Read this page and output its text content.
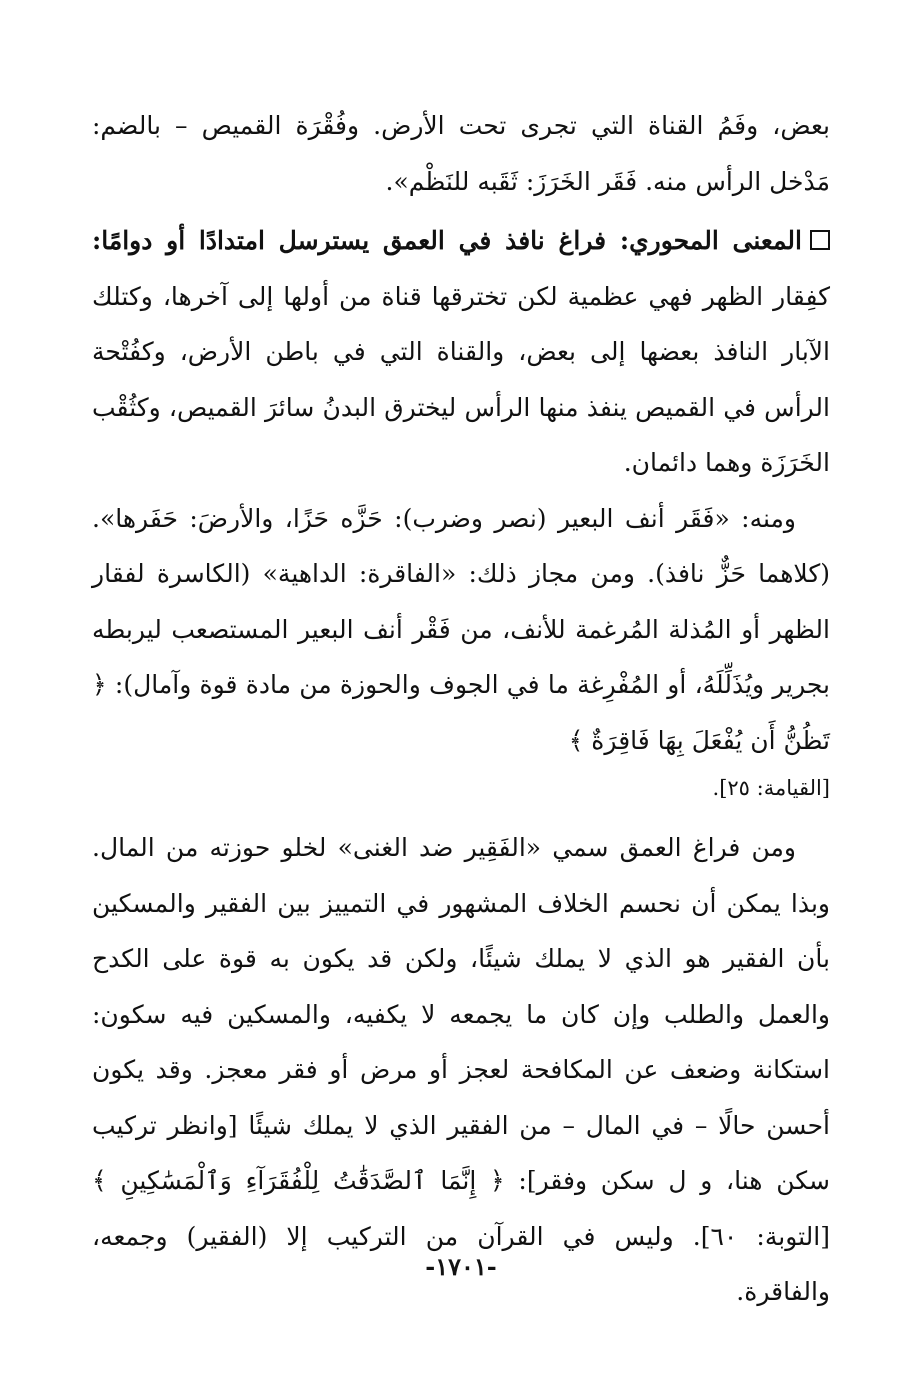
بعض، وفَمُ القناة التي تجرى تحت الأرض. وفُقْرَة القميص – بالضم: مَدْخل الرأس منه. فَقَر الخَرَزَ: ثَقَبه للنَظْم».

المعنى المحوري: فراغ نافذ في العمق يسترسل امتدادًا أو دوامًا: كفِقار الظهر فهي عظمية لكن تخترقها قناة من أولها إلى آخرها، وكتلك الآبار النافذ بعضها إلى بعض، والقناة التي في باطن الأرض، وكفُتْحة الرأس في القميص ينفذ منها الرأس ليخترق البدنُ سائرَ القميص، وكثُقْب الخَرَزَة وهما دائمان.

ومنه: «فَقَر أنف البعير (نصر وضرب): حَزَّه حَزًا، والأرضَ: حَفَرها». (كلاهما حَزٌّ نافذ). ومن مجاز ذلك: «الفاقرة: الداهية» (الكاسرة لفقار الظهر أو المُذلة المُرغمة للأنف، من فَقْر أنف البعير المستصعب ليربطه بجرير ويُذَلِّلَهُ، أو المُفْرِغة ما في الجوف والحوزة من مادة قوة وآمال): ﴿ تَظُنُّ أَن يُفْعَلَ بِهَا فَاقِرَةٌ ﴾

[القيامة: ٢٥].

ومن فراغ العمق سمي «الفَقِير ضد الغنى» لخلو حوزته من المال. وبذا يمكن أن نحسم الخلاف المشهور في التمييز بين الفقير والمسكين بأن الفقير هو الذي لا يملك شيئًا، ولكن قد يكون به قوة على الكدح والعمل والطلب وإن كان ما يجمعه لا يكفيه، والمسكين فيه سكون: استكانة وضعف عن المكافحة لعجز أو مرض أو فقر معجز. وقد يكون أحسن حالًا – في المال – من الفقير الذي لا يملك شيئًا [وانظر تركيب سكن هنا، و ل سكن وفقر]: ﴿ إِنَّمَا ٱلصَّدَقَٰتُ لِلْفُقَرَآءِ وَٱلْمَسَٰكِينِ ﴾ [التوبة: ٦٠]. وليس في القرآن من التركيب إلا (الفقير) وجمعه، والفاقرة.

-١٧٠١-
